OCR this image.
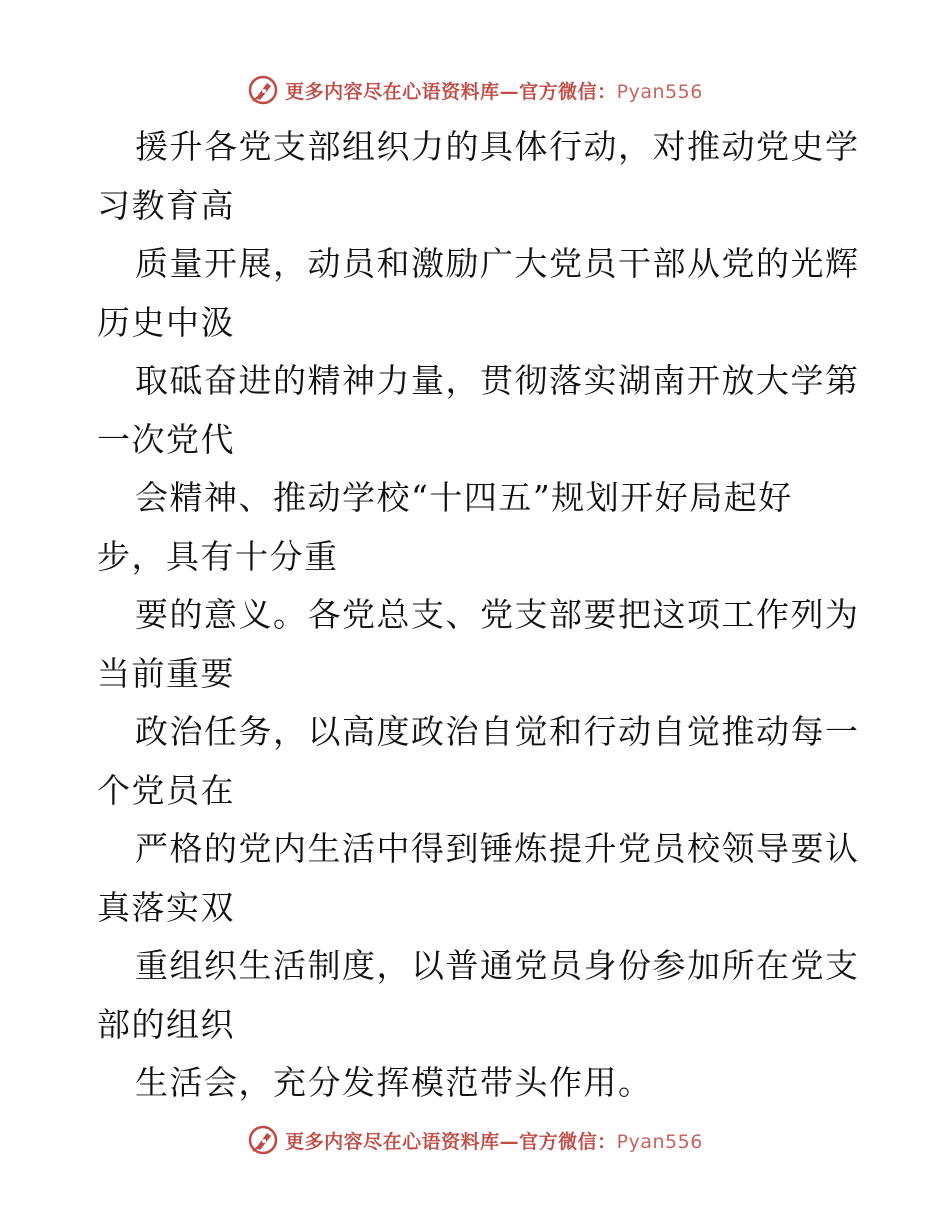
更多内容尽在心语资料库—官方微信：Pyan556
援升各党支部组织力的具体行动，对推动党史学
习教育高
质量开展，动员和激励广大党员干部从党的光辉
历史中汲
取砥奋进的精神力量，贯彻落实湖南开放大学第
一次党代
会精神、推动学校“十四五”规划开好局起好
步，具有十分重
要的意义。各党总支、党支部要把这项工作列为
当前重要
政治任务，以高度政治自觉和行动自觉推动每一
个党员在
严格的党内生活中得到锤炼提升党员校领导要认
真落实双
重组织生活制度，以普通党员身份参加所在党支
部的组织
生活会，充分发挥模范带头作用。
更多内容尽在心语资料库—官方微信：Pyan556
